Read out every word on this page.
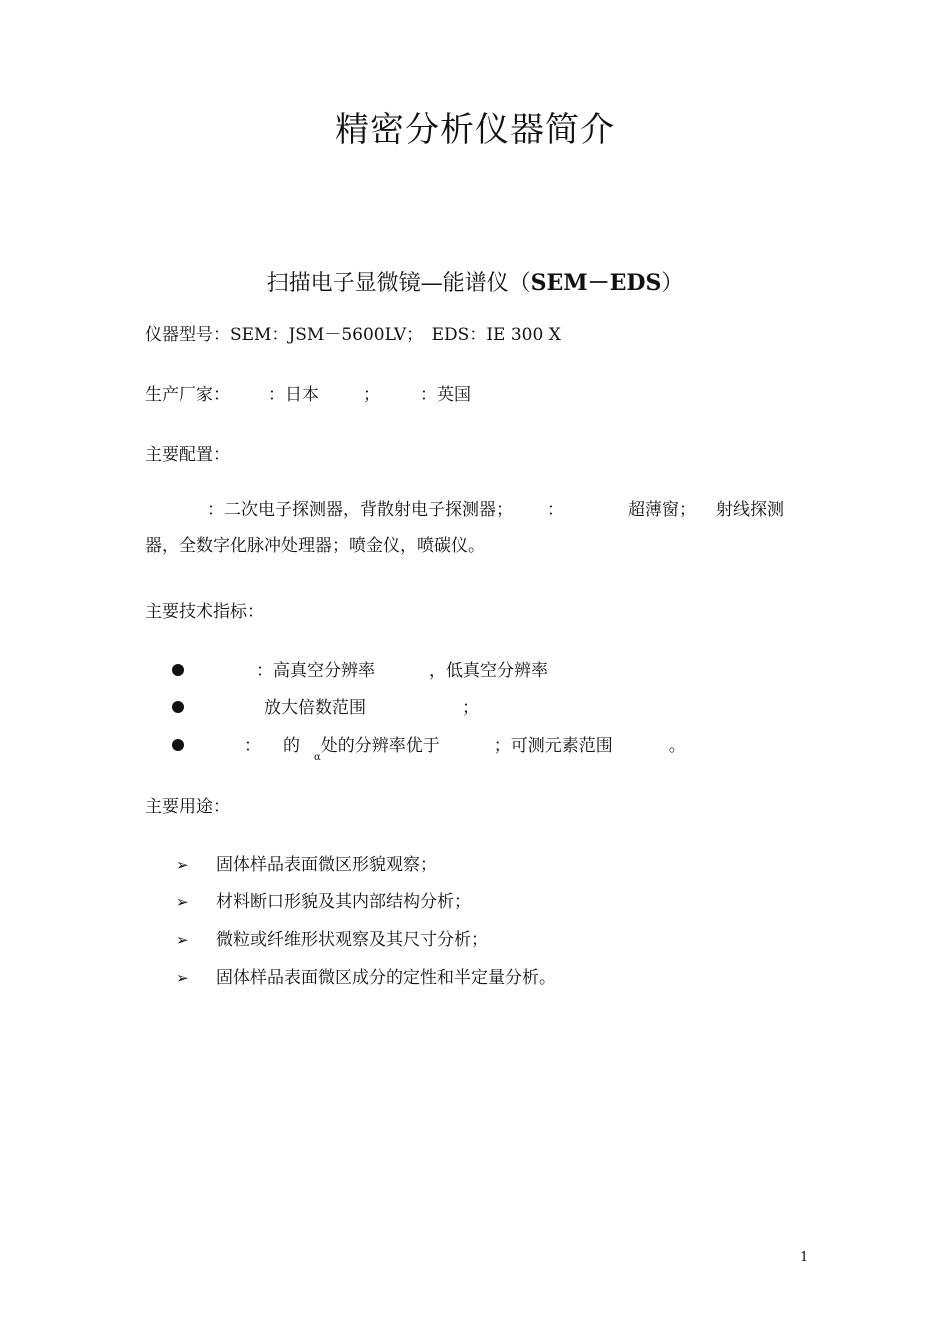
精密分析仪器简介
扫描电子显微镜—能谱仪（SEM－EDS）
仪器型号：SEM：JSM－5600LV；　EDS：IE 300 X
生产厂家： ：日本	； ：英国
主要配置：
：二次电子探测器，背散射电子探测器； ：	超薄窗； 射线探测器，全数字化脉冲处理器；喷金仪，喷碳仪。
主要技术指标：
：高真空分辨率	，低真空分辨率
放大倍数范围	；
： 的$_\alpha$处的分辨率优于	；可测元素范围	。
主要用途：
➢ 固体样品表面微区形貌观察；
➢ 材料断口形貌及其内部结构分析；
➢ 微粒或纤维形状观察及其尺寸分析；
➢ 固体样品表面微区成分的定性和半定量分析。
1
